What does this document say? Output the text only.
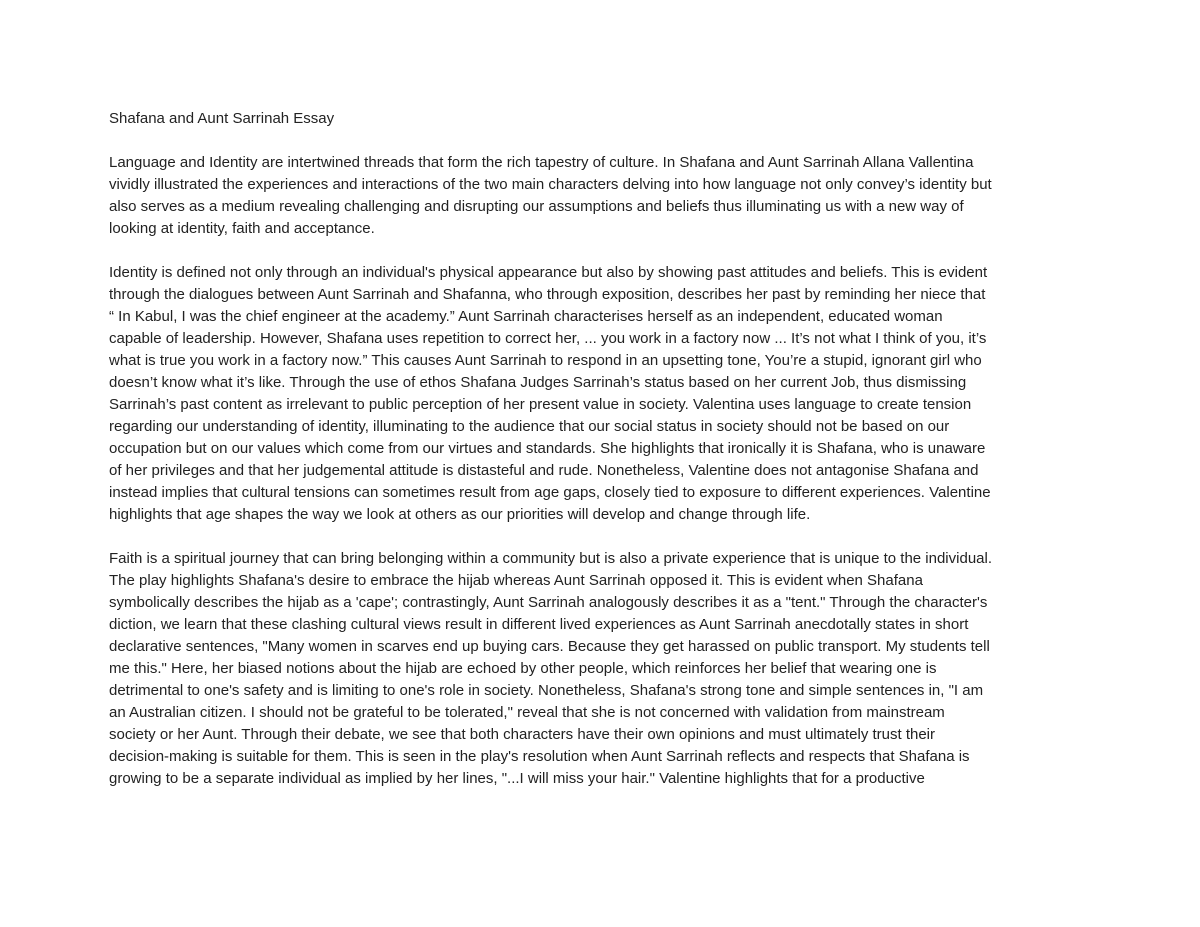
Shafana and Aunt Sarrinah Essay
Language and Identity are intertwined threads that form the rich tapestry of culture. In Shafana and Aunt Sarrinah Allana Vallentina
vividly illustrated the experiences and interactions of the two main characters delving into how language not only convey’s identity but
also serves as a medium revealing challenging and disrupting our assumptions and beliefs thus illuminating us with a new way of
looking at identity, faith and acceptance.
Identity is defined not only through an individual's physical appearance but also by showing past attitudes and beliefs. This is evident
through the dialogues between Aunt Sarrinah and Shafanna, who through exposition, describes her past by reminding her niece that
“ In Kabul, I was the chief engineer at the academy.” Aunt Sarrinah characterises herself as an independent, educated woman
capable of leadership. However, Shafana uses repetition to correct her, ... you work in a factory now ... It’s not what I think of you, it’s
what is true you work in a factory now.” This causes Aunt Sarrinah to respond in an upsetting tone, You’re a stupid, ignorant girl who
doesn’t know what it’s like. Through the use of ethos Shafana Judges Sarrinah’s status based on her current Job, thus dismissing
Sarrinah’s past content as irrelevant to public perception of her present value in society. Valentina uses language to create tension
regarding our understanding of identity, illuminating to the audience that our social status in society should not be based on our
occupation but on our values which come from our virtues and standards. She highlights that ironically it is Shafana, who is unaware
of her privileges and that her judgemental attitude is distasteful and rude. Nonetheless, Valentine does not antagonise Shafana and
instead implies that cultural tensions can sometimes result from age gaps, closely tied to exposure to different experiences. Valentine
highlights that age shapes the way we look at others as our priorities will develop and change through life.
Faith is a spiritual journey that can bring belonging within a community but is also a private experience that is unique to the individual.
The play highlights Shafana's desire to embrace the hijab whereas Aunt Sarrinah opposed it. This is evident when Shafana
symbolically describes the hijab as a 'cape'; contrastingly, Aunt Sarrinah analogously describes it as a "tent." Through the character's
diction, we learn that these clashing cultural views result in different lived experiences as Aunt Sarrinah anecdotally states in short
declarative sentences, "Many women in scarves end up buying cars. Because they get harassed on public transport. My students tell
me this." Here, her biased notions about the hijab are echoed by other people, which reinforces her belief that wearing one is
detrimental to one's safety and is limiting to one's role in society. Nonetheless, Shafana's strong tone and simple sentences in, "I am
an Australian citizen. I should not be grateful to be tolerated," reveal that she is not concerned with validation from mainstream
society or her Aunt. Through their debate, we see that both characters have their own opinions and must ultimately trust their
decision-making is suitable for them. This is seen in the play's resolution when Aunt Sarrinah reflects and respects that Shafana is
growing to be a separate individual as implied by her lines, "...I will miss your hair." Valentine highlights that for a productive
